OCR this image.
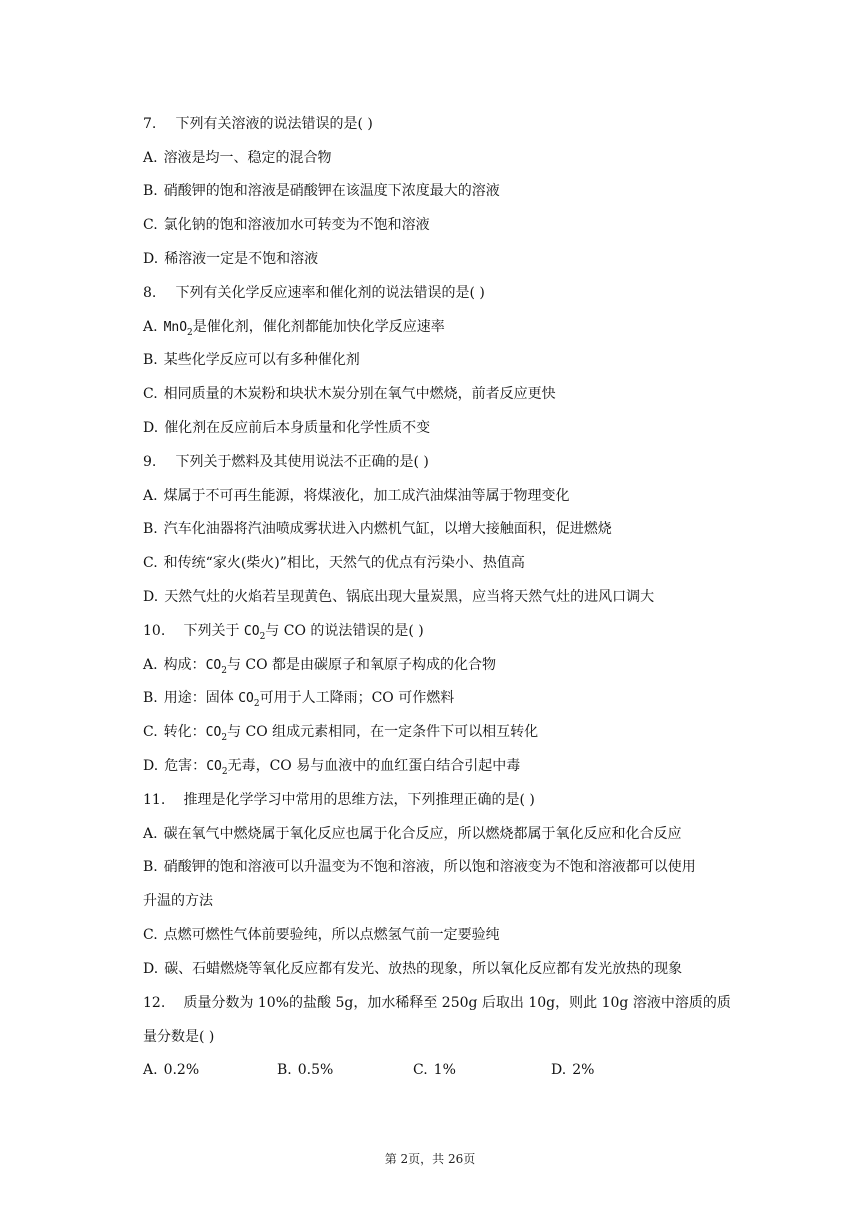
7. 下列有关溶液的说法错误的是( )
A. 溶液是均一、稳定的混合物
B. 硝酸钾的饱和溶液是硝酸钾在该温度下浓度最大的溶液
C. 氯化钠的饱和溶液加水可转变为不饱和溶液
D. 稀溶液一定是不饱和溶液
8. 下列有关化学反应速率和催化剂的说法错误的是( )
A. MnO$_2$是催化剂，催化剂都能加快化学反应速率
B. 某些化学反应可以有多种催化剂
C. 相同质量的木炭粉和块状木炭分别在氧气中燃烧，前者反应更快
D. 催化剂在反应前后本身质量和化学性质不变
9. 下列关于燃料及其使用说法不正确的是( )
A. 煤属于不可再生能源，将煤液化，加工成汽油煤油等属于物理变化
B. 汽车化油器将汽油喷成雾状进入内燃机气缸，以增大接触面积，促进燃烧
C. 和传统“家火(柴火)”相比，天然气的优点有污染小、热值高
D. 天然气灶的火焰若呈现黄色、锅底出现大量炭黑，应当将天然气灶的进风口调大
10. 下列关于 $CO_2$与 CO 的说法错误的是( )
A. 构成：$CO_2$与 CO 都是由碳原子和氧原子构成的化合物
B. 用途：固体 $CO_2$可用于人工降雨；CO 可作燃料
C. 转化：$CO_2$与 CO 组成元素相同，在一定条件下可以相互转化
D. 危害：$CO_2$无毒，CO 易与血液中的血红蛋白结合引起中毒
11. 推理是化学学习中常用的思维方法，下列推理正确的是( )
A. 碳在氧气中燃烧属于氧化反应也属于化合反应，所以燃烧都属于氧化反应和化合反应
B. 硝酸钾的饱和溶液可以升温变为不饱和溶液，所以饱和溶液变为不饱和溶液都可以使用
升温的方法
C. 点燃可燃性气体前要验纯，所以点燃氢气前一定要验纯
D. 碳、石蜡燃烧等氧化反应都有发光、放热的现象，所以氧化反应都有发光放热的现象
12. 质量分数为 10%的盐酸 5g，加水稀释至 250g 后取出 10g，则此 10g 溶液中溶质的质
量分数是( )
A. 0.2%	B. 0.5%	C. 1%	D. 2%
第 2页，共 26页
